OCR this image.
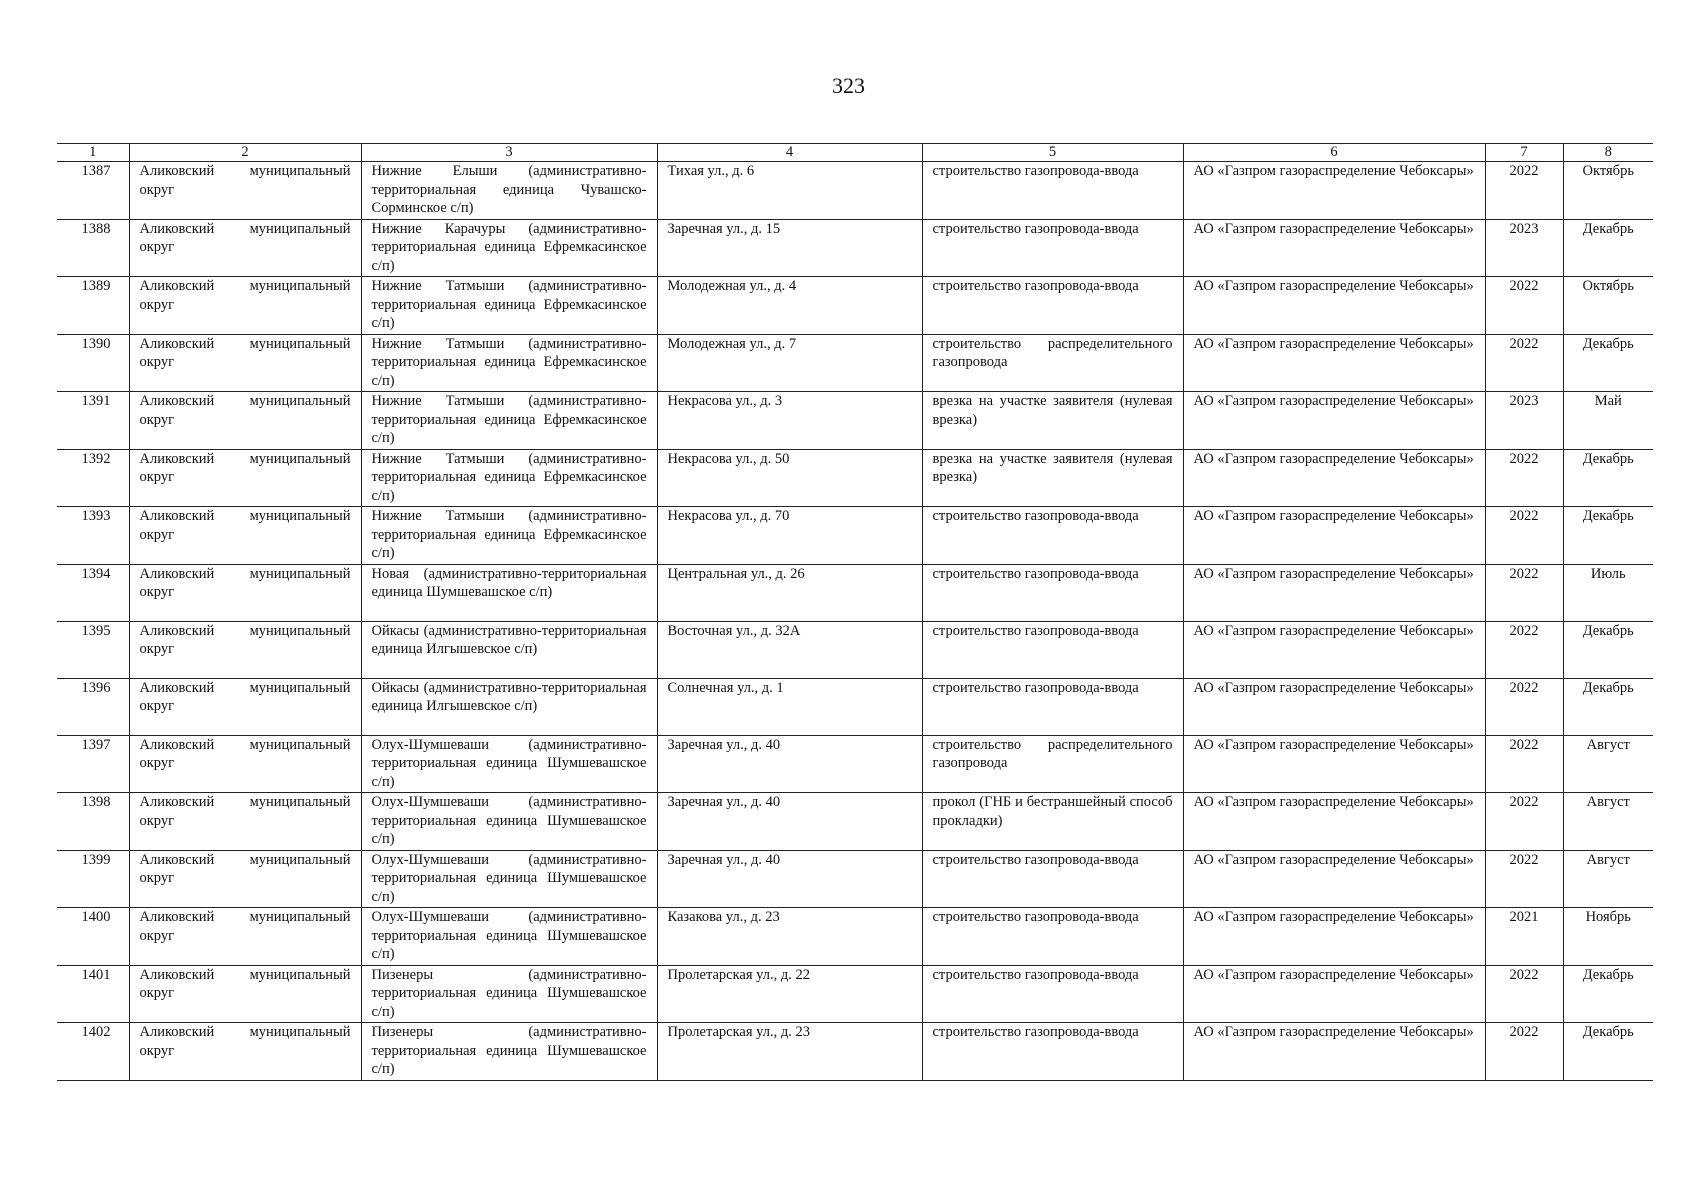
323
1	2	3	4	5	6	7	8
1387	Аликовский муниципальный округ	Нижние Елыши (административно-территориальная единица Чувашско-Сорминское с/п)	Тихая ул., д. 6	строительство газопровода-ввода	АО «Газпром газораспределение Чебоксары»	2022	Октябрь
1388	Аликовский муниципальный округ	Нижние Карачуры (административно-территориальная единица Ефремкасинское с/п)	Заречная ул., д. 15	строительство газопровода-ввода	АО «Газпром газораспределение Чебоксары»	2023	Декабрь
1389	Аликовский муниципальный округ	Нижние Татмыши (административно-территориальная единица Ефремкасинское с/п)	Молодежная ул., д. 4	строительство газопровода-ввода	АО «Газпром газораспределение Чебоксары»	2022	Октябрь
1390	Аликовский муниципальный округ	Нижние Татмыши (административно-территориальная единица Ефремкасинское с/п)	Молодежная ул., д. 7	строительство распределительного газопровода	АО «Газпром газораспределение Чебоксары»	2022	Декабрь
1391	Аликовский муниципальный округ	Нижние Татмыши (административно-территориальная единица Ефремкасинское с/п)	Некрасова ул., д. 3	врезка на участке заявителя (нулевая врезка)	АО «Газпром газораспределение Чебоксары»	2023	Май
1392	Аликовский муниципальный округ	Нижние Татмыши (административно-территориальная единица Ефремкасинское с/п)	Некрасова ул., д. 50	врезка на участке заявителя (нулевая врезка)	АО «Газпром газораспределение Чебоксары»	2022	Декабрь
1393	Аликовский муниципальный округ	Нижние Татмыши (административно-территориальная единица Ефремкасинское с/п)	Некрасова ул., д. 70	строительство газопровода-ввода	АО «Газпром газораспределение Чебоксары»	2022	Декабрь
1394	Аликовский муниципальный округ	Новая (административно-территориальная единица Шумшевашское с/п)	Центральная ул., д. 26	строительство газопровода-ввода	АО «Газпром газораспределение Чебоксары»	2022	Июль
1395	Аликовский муниципальный округ	Ойкасы (административно-территориальная единица Илгышевское с/п)	Восточная ул., д. 32А	строительство газопровода-ввода	АО «Газпром газораспределение Чебоксары»	2022	Декабрь
1396	Аликовский муниципальный округ	Ойкасы (административно-территориальная единица Илгышевское с/п)	Солнечная ул., д. 1	строительство газопровода-ввода	АО «Газпром газораспределение Чебоксары»	2022	Декабрь
1397	Аликовский муниципальный округ	Олух-Шумшеваши (административно-территориальная единица Шумшевашское с/п)	Заречная ул., д. 40	строительство распределительного газопровода	АО «Газпром газораспределение Чебоксары»	2022	Август
1398	Аликовский муниципальный округ	Олух-Шумшеваши (административно-территориальная единица Шумшевашское с/п)	Заречная ул., д. 40	прокол (ГНБ и бестраншейный способ прокладки)	АО «Газпром газораспределение Чебоксары»	2022	Август
1399	Аликовский муниципальный округ	Олух-Шумшеваши (административно-территориальная единица Шумшевашское с/п)	Заречная ул., д. 40	строительство газопровода-ввода	АО «Газпром газораспределение Чебоксары»	2022	Август
1400	Аликовский муниципальный округ	Олух-Шумшеваши (административно-территориальная единица Шумшевашское с/п)	Казакова ул., д. 23	строительство газопровода-ввода	АО «Газпром газораспределение Чебоксары»	2021	Ноябрь
1401	Аликовский муниципальный округ	Пизенеры (административно-территориальная единица Шумшевашское с/п)	Пролетарская ул., д. 22	строительство газопровода-ввода	АО «Газпром газораспределение Чебоксары»	2022	Декабрь
1402	Аликовский муниципальный округ	Пизенеры (административно-территориальная единица Шумшевашское с/п)	Пролетарская ул., д. 23	строительство газопровода-ввода	АО «Газпром газораспределение Чебоксары»	2022	Декабрь
